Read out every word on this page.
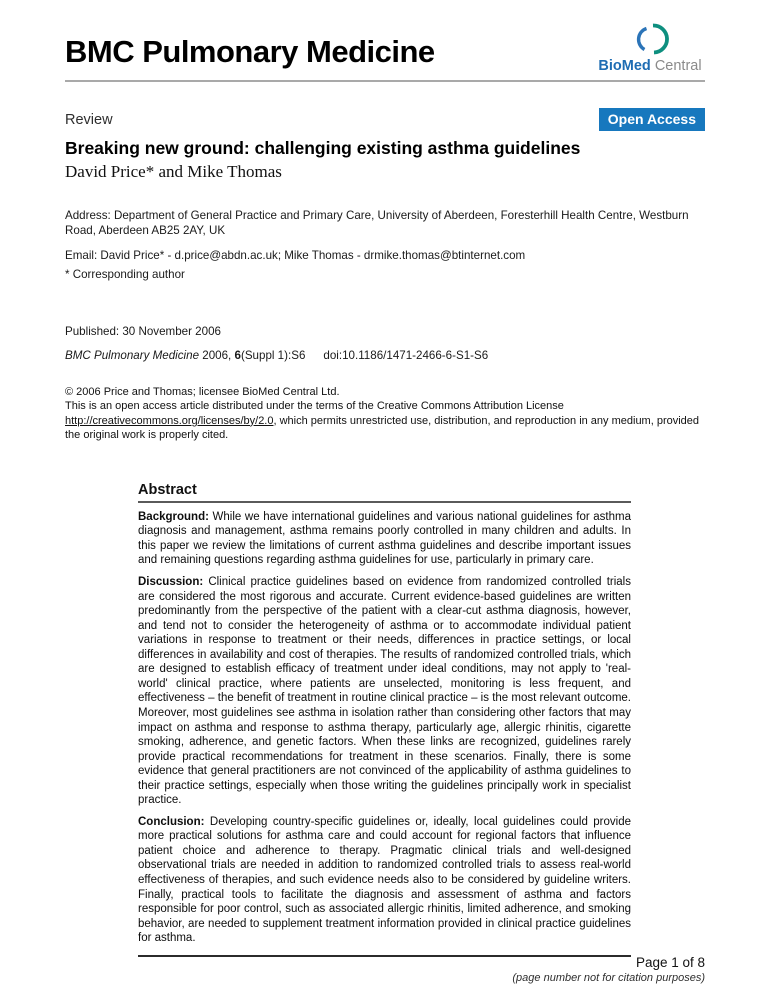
BMC Pulmonary Medicine	BioMed Central
Review	Open Access
Breaking new ground: challenging existing asthma guidelines
David Price* and Mike Thomas
Address: Department of General Practice and Primary Care, University of Aberdeen, Foresterhill Health Centre, Westburn Road, Aberdeen AB25 2AY, UK
Email: David Price* - d.price@abdn.ac.uk; Mike Thomas - drmike.thomas@btinternet.com
* Corresponding author
Published: 30 November 2006
BMC Pulmonary Medicine 2006, 6(Suppl 1):S6 doi:10.1186/1471-2466-6-S1-S6
© 2006 Price and Thomas; licensee BioMed Central Ltd.
This is an open access article distributed under the terms of the Creative Commons Attribution License http://creativecommons.org/licenses/by/2.0, which permits unrestricted use, distribution, and reproduction in any medium, provided the original work is properly cited.
Abstract

Background: While we have international guidelines and various national guidelines for asthma diagnosis and management, asthma remains poorly controlled in many children and adults. In this paper we review the limitations of current asthma guidelines and describe important issues and remaining questions regarding asthma guidelines for use, particularly in primary care.

Discussion: Clinical practice guidelines based on evidence from randomized controlled trials are considered the most rigorous and accurate. Current evidence-based guidelines are written predominantly from the perspective of the patient with a clear-cut asthma diagnosis, however, and tend not to consider the heterogeneity of asthma or to accommodate individual patient variations in response to treatment or their needs, differences in practice settings, or local differences in availability and cost of therapies. The results of randomized controlled trials, which are designed to establish efficacy of treatment under ideal conditions, may not apply to 'real-world' clinical practice, where patients are unselected, monitoring is less frequent, and effectiveness – the benefit of treatment in routine clinical practice – is the most relevant outcome. Moreover, most guidelines see asthma in isolation rather than considering other factors that may impact on asthma and response to asthma therapy, particularly age, allergic rhinitis, cigarette smoking, adherence, and genetic factors. When these links are recognized, guidelines rarely provide practical recommendations for treatment in these scenarios. Finally, there is some evidence that general practitioners are not convinced of the applicability of asthma guidelines to their practice settings, especially when those writing the guidelines principally work in specialist practice.

Conclusion: Developing country-specific guidelines or, ideally, local guidelines could provide more practical solutions for asthma care and could account for regional factors that influence patient choice and adherence to therapy. Pragmatic clinical trials and well-designed observational trials are needed in addition to randomized controlled trials to assess real-world effectiveness of therapies, and such evidence needs also to be considered by guideline writers. Finally, practical tools to facilitate the diagnosis and assessment of asthma and factors responsible for poor control, such as associated allergic rhinitis, limited adherence, and smoking behavior, are needed to supplement treatment information provided in clinical practice guidelines for asthma.

Page 1 of 8
(page number not for citation purposes)
